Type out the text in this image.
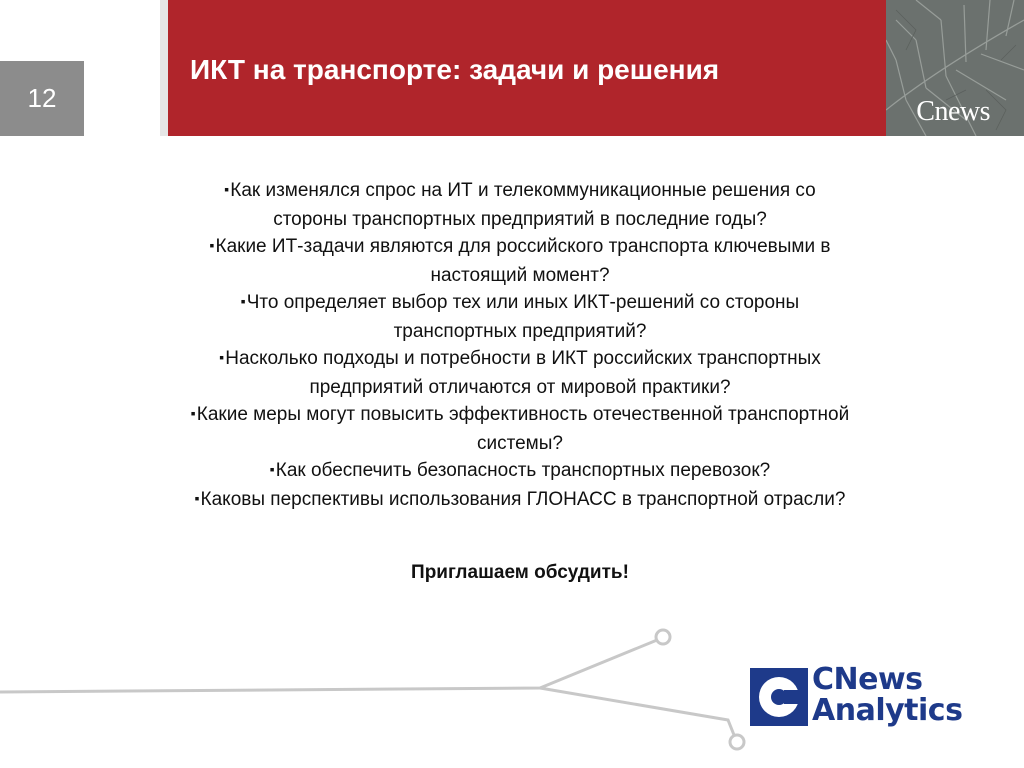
12
ИКТ на транспорте: задачи и решения
Cnews
▪ Как изменялся спрос на ИТ и телекоммуникационные решения со
стороны транспортных предприятий в последние годы?
▪ Какие ИТ-задачи являются для российского транспорта ключевыми в
настоящий момент?
▪ Что определяет выбор тех или иных ИКТ-решений со стороны
транспортных предприятий?
▪ Насколько подходы и потребности в ИКТ российских транспортных
предприятий отличаются от мировой практики?
▪ Какие меры могут повысить эффективность отечественной транспортной
системы?
▪ Как обеспечить безопасность транспортных перевозок?
▪ Каковы перспективы использования ГЛОНАСС в транспортной отрасли?
Приглашаем обсудить!
CNews
Analytics
